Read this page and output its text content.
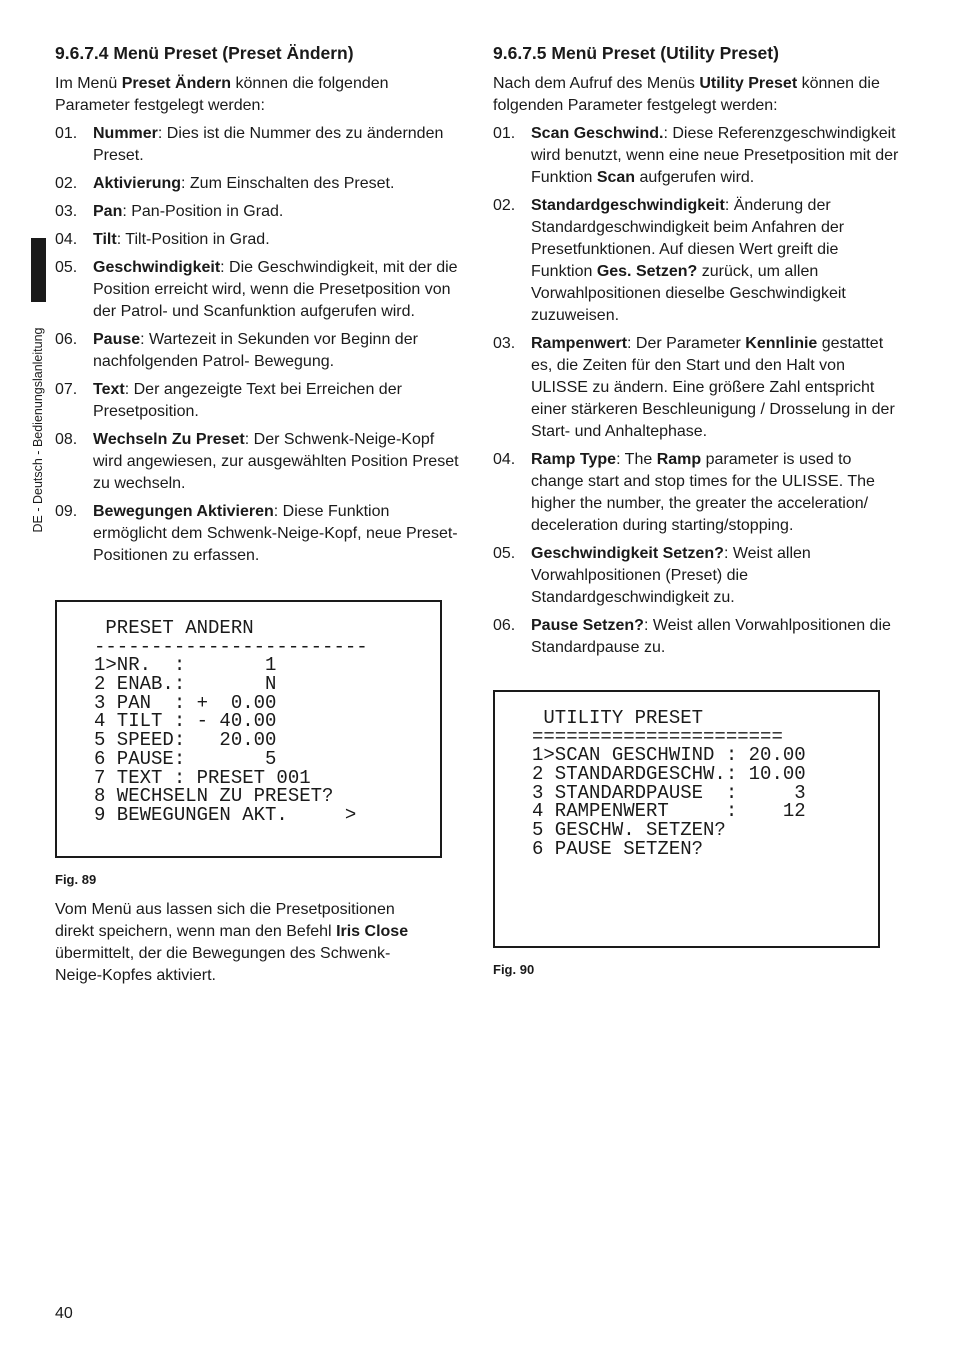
DE - Deutsch - Bedienungslanleitung
9.6.7.4 Menü Preset (Preset Ändern)

Im Menü Preset Ändern können die folgenden Parameter festgelegt werden:

01. Nummer: Dies ist die Nummer des zu ändernden Preset.
02. Aktivierung: Zum Einschalten des Preset.
03. Pan: Pan-Position in Grad.
04. Tilt: Tilt-Position in Grad.
05. Geschwindigkeit: Die Geschwindigkeit, mit der die Position erreicht wird, wenn die Presetposition von der Patrol- und Scanfunktion aufgerufen wird.
06. Pause: Wartezeit in Sekunden vor Beginn der nachfolgenden Patrol- Bewegung.
07. Text: Der angezeigte Text bei Erreichen der Presetposition.
08. Wechseln Zu Preset: Der Schwenk-Neige-Kopf wird angewiesen, zur ausgewählten Position Preset zu wechseln.
09. Bewegungen Aktivieren: Diese Funktion ermöglicht dem Schwenk-Neige-Kopf, neue Preset-Positionen zu erfassen.
PRESET ANDERN
------------------------
1>NR.  :       1
2 ENAB.:       N
3 PAN  : +  0.00
4 TILT : - 40.00
5 SPEED:   20.00
6 PAUSE:       5
7 TEXT : PRESET 001
8 WECHSELN ZU PRESET?
9 BEWEGUNGEN AKT.     >
Fig. 89

Vom Menü aus lassen sich die Presetpositionen direkt speichern, wenn man den Befehl Iris Close übermittelt, der die Bewegungen des Schwenk-Neige-Kopfes aktiviert.

9.6.7.5 Menü Preset (Utility Preset)

Nach dem Aufruf des Menüs Utility Preset können die folgenden Parameter festgelegt werden:

01. Scan Geschwind.: Diese Referenzgeschwindigkeit wird benutzt, wenn eine neue Presetposition mit der Funktion Scan aufgerufen wird.
02. Standardgeschwindigkeit: Änderung der Standardgeschwindigkeit beim Anfahren der Presetfunktionen. Auf diesen Wert greift die Funktion Ges. Setzen? zurück, um allen Vorwahlpositionen dieselbe Geschwindigkeit zuzuweisen.
03. Rampenwert: Der Parameter Kennlinie gestattet es, die Zeiten für den Start und den Halt von ULISSE zu ändern. Eine größere Zahl entspricht einer stärkeren Beschleunigung / Drosselung in der Start- und Anhaltephase.
04. Ramp Type: The Ramp parameter is used to change start and stop times for the ULISSE. The higher the number, the greater the acceleration/ deceleration during starting/stopping.
05. Geschwindigkeit Setzen?: Weist allen Vorwahlpositionen (Preset) die Standardgeschwindigkeit zu.
06. Pause Setzen?: Weist allen Vorwahlpositionen die Standardpause zu.
UTILITY PRESET
======================
1>SCAN GESCHWIND : 20.00
2 STANDARDGESCHW.: 10.00
3 STANDARDPAUSE  :     3
4 RAMPENWERT     :    12
5 GESCHW. SETZEN?
6 PAUSE SETZEN?
Fig. 90
40
